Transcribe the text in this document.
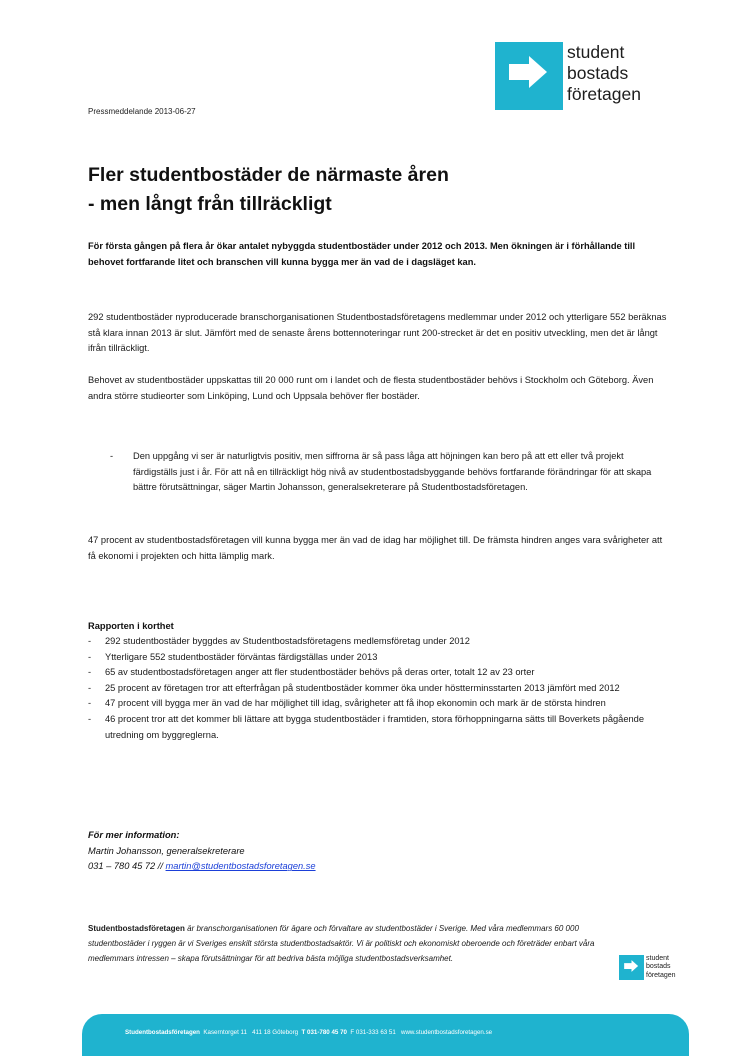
student
bostads
företagen
Pressmeddelande 2013-06-27
Fler studentbostäder de närmaste åren
- men långt från tillräckligt

För första gången på flera år ökar antalet nybyggda studentbostäder under 2012 och 2013. Men ökningen är i förhållande till behovet fortfarande litet och branschen vill kunna bygga mer än vad de i dagsläget kan.

292 studentbostäder nyproducerade branschorganisationen Studentbostadsföretagens medlemmar under 2012 och ytterligare 552 beräknas stå klara innan 2013 är slut. Jämfört med de senaste årens bottennoteringar runt 200-strecket är det en positiv utveckling, men det är långt ifrån tillräckligt.

Behovet av studentbostäder uppskattas till 20 000 runt om i landet och de flesta studentbostäder behövs i Stockholm och Göteborg. Även andra större studieorter som Linköping, Lund och Uppsala behöver fler bostäder.

-	Den uppgång vi ser är naturligtvis positiv, men siffrorna är så pass låga att höjningen kan bero på att ett eller två projekt färdigställs just i år. För att nå en tillräckligt hög nivå av studentbostadsbyggande behövs fortfarande förändringar för att skapa bättre förutsättningar, säger Martin Johansson, generalsekreterare på Studentbostadsföretagen.

47 procent av studentbostadsföretagen vill kunna bygga mer än vad de idag har möjlighet till. De främsta hindren anges vara svårigheter att få ekonomi i projekten och hitta lämplig mark.

Rapporten i korthet

-	292 studentbostäder byggdes av Studentbostadsföretagens medlemsföretag under 2012
-	Ytterligare 552 studentbostäder förväntas färdigställas under 2013
-	65 av studentbostadsföretagen anger att fler studentbostäder behövs på deras orter, totalt 12 av 23 orter
-	25 procent av företagen tror att efterfrågan på studentbostäder kommer öka under höstterminsstarten 2013 jämfört med 2012
-	47 procent vill bygga mer än vad de har möjlighet till idag, svårigheter att få ihop ekonomin och mark är de största hindren
-	46 procent tror att det kommer bli lättare att bygga studentbostäder i framtiden, stora förhoppningarna sätts till Boverkets pågående utredning om byggreglerna.
För mer information:
Martin Johansson, generalsekreterare
031 – 780 45 72 // martin@studentbostadsforetagen.se

Studentbostadsföretagen är branschorganisationen för ägare och förvaltare av studentbostäder i Sverige. Med våra medlemmars 60 000 studentbostäder i ryggen är vi Sveriges enskilt största studentbostadsaktör. Vi är politiskt och ekonomiskt oberoende och företräder enbart våra medlemmars intressen – skapa förutsättningar för att bedriva bästa möjliga studentbostadsverksamhet.	student
bostads
företagen
Studentbostadsföretagen  Kaserntorget 11   411 18 Göteborg  T 031-780 45 70  F 031-333 63 51   www.studentbostadsforetagen.se
